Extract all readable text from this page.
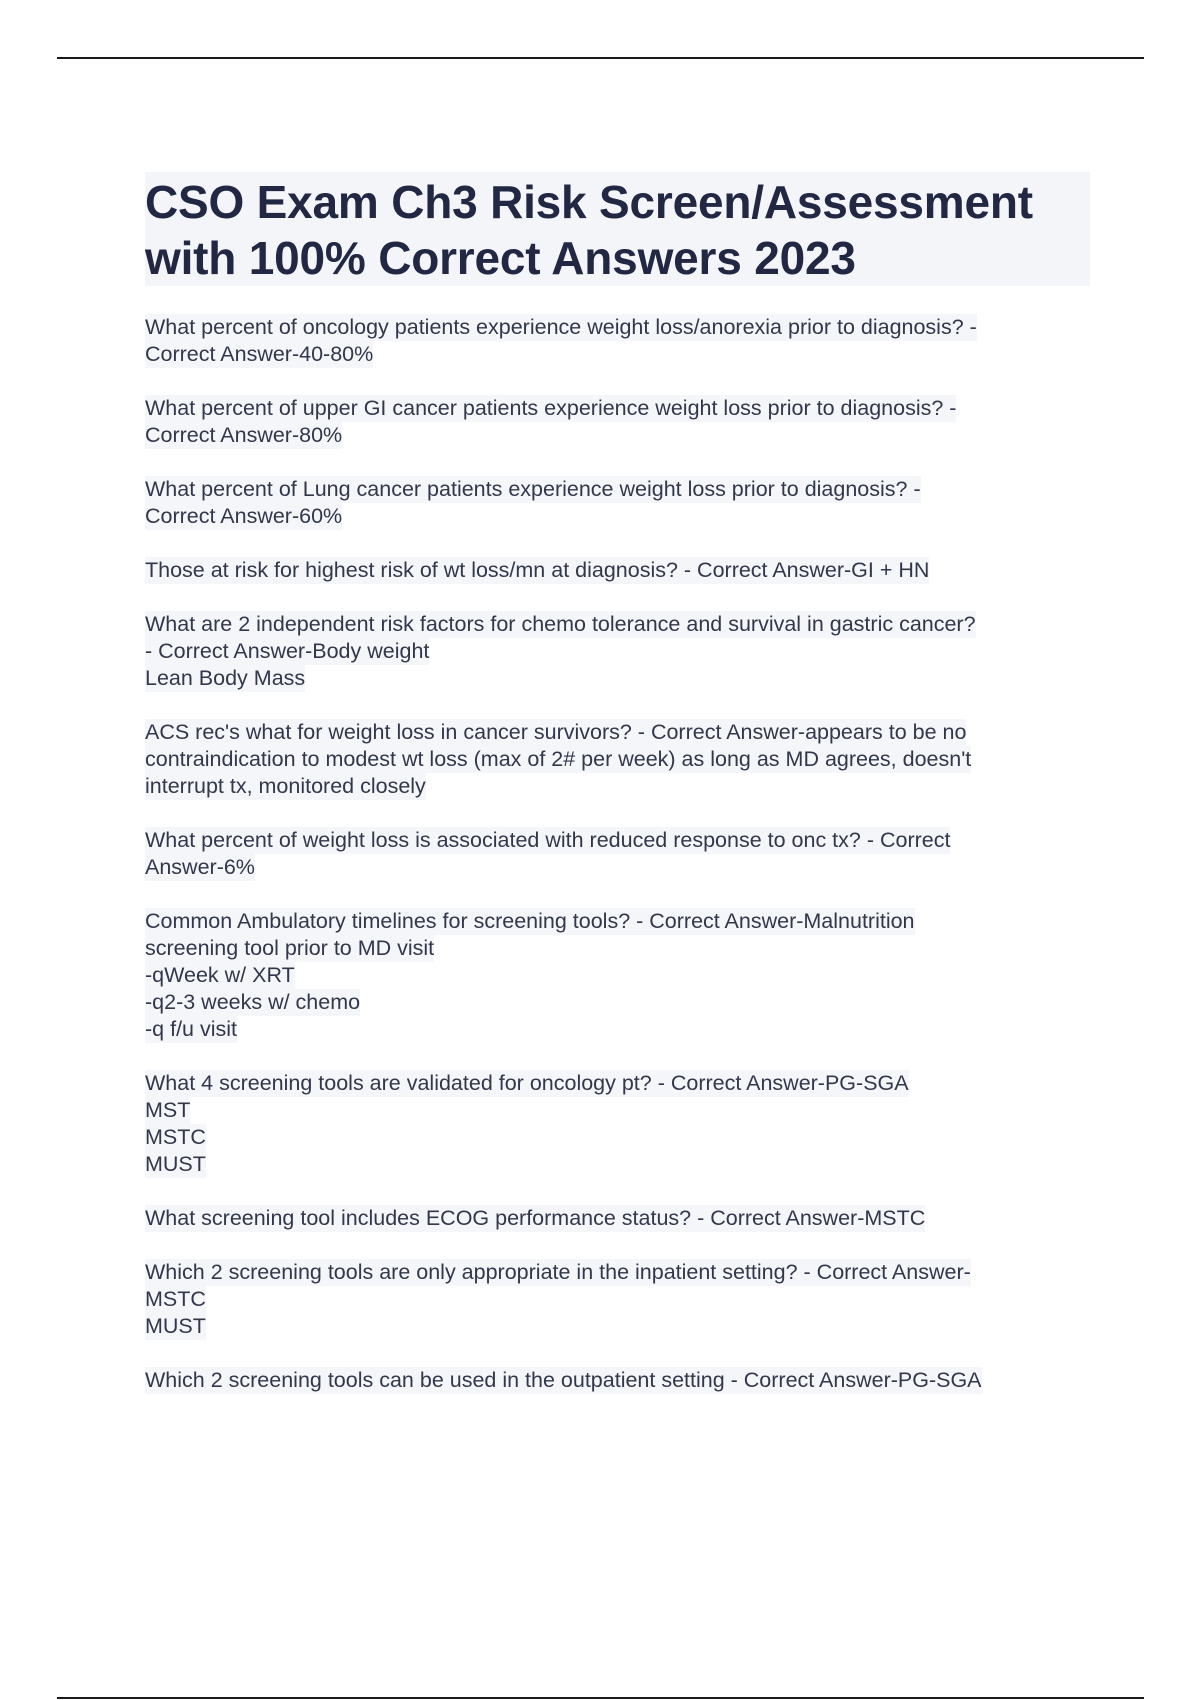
CSO Exam Ch3 Risk Screen/Assessment
with 100% Correct Answers 2023
What percent of oncology patients experience weight loss/anorexia prior to diagnosis? -
Correct Answer-40-80%
What percent of upper GI cancer patients experience weight loss prior to diagnosis? -
Correct Answer-80%
What percent of Lung cancer patients experience weight loss prior to diagnosis? -
Correct Answer-60%
Those at risk for highest risk of wt loss/mn at diagnosis? - Correct Answer-GI + HN
What are 2 independent risk factors for chemo tolerance and survival in gastric cancer?
- Correct Answer-Body weight
Lean Body Mass
ACS rec's what for weight loss in cancer survivors? - Correct Answer-appears to be no
contraindication to modest wt loss (max of 2# per week) as long as MD agrees, doesn't
interrupt tx, monitored closely
What percent of weight loss is associated with reduced response to onc tx? - Correct
Answer-6%
Common Ambulatory timelines for screening tools? - Correct Answer-Malnutrition
screening tool prior to MD visit
-qWeek w/ XRT
-q2-3 weeks w/ chemo
-q f/u visit
What 4 screening tools are validated for oncology pt? - Correct Answer-PG-SGA
MST
MSTC
MUST
What screening tool includes ECOG performance status? - Correct Answer-MSTC
Which 2 screening tools are only appropriate in the inpatient setting? - Correct Answer-
MSTC
MUST
Which 2 screening tools can be used in the outpatient setting - Correct Answer-PG-SGA
